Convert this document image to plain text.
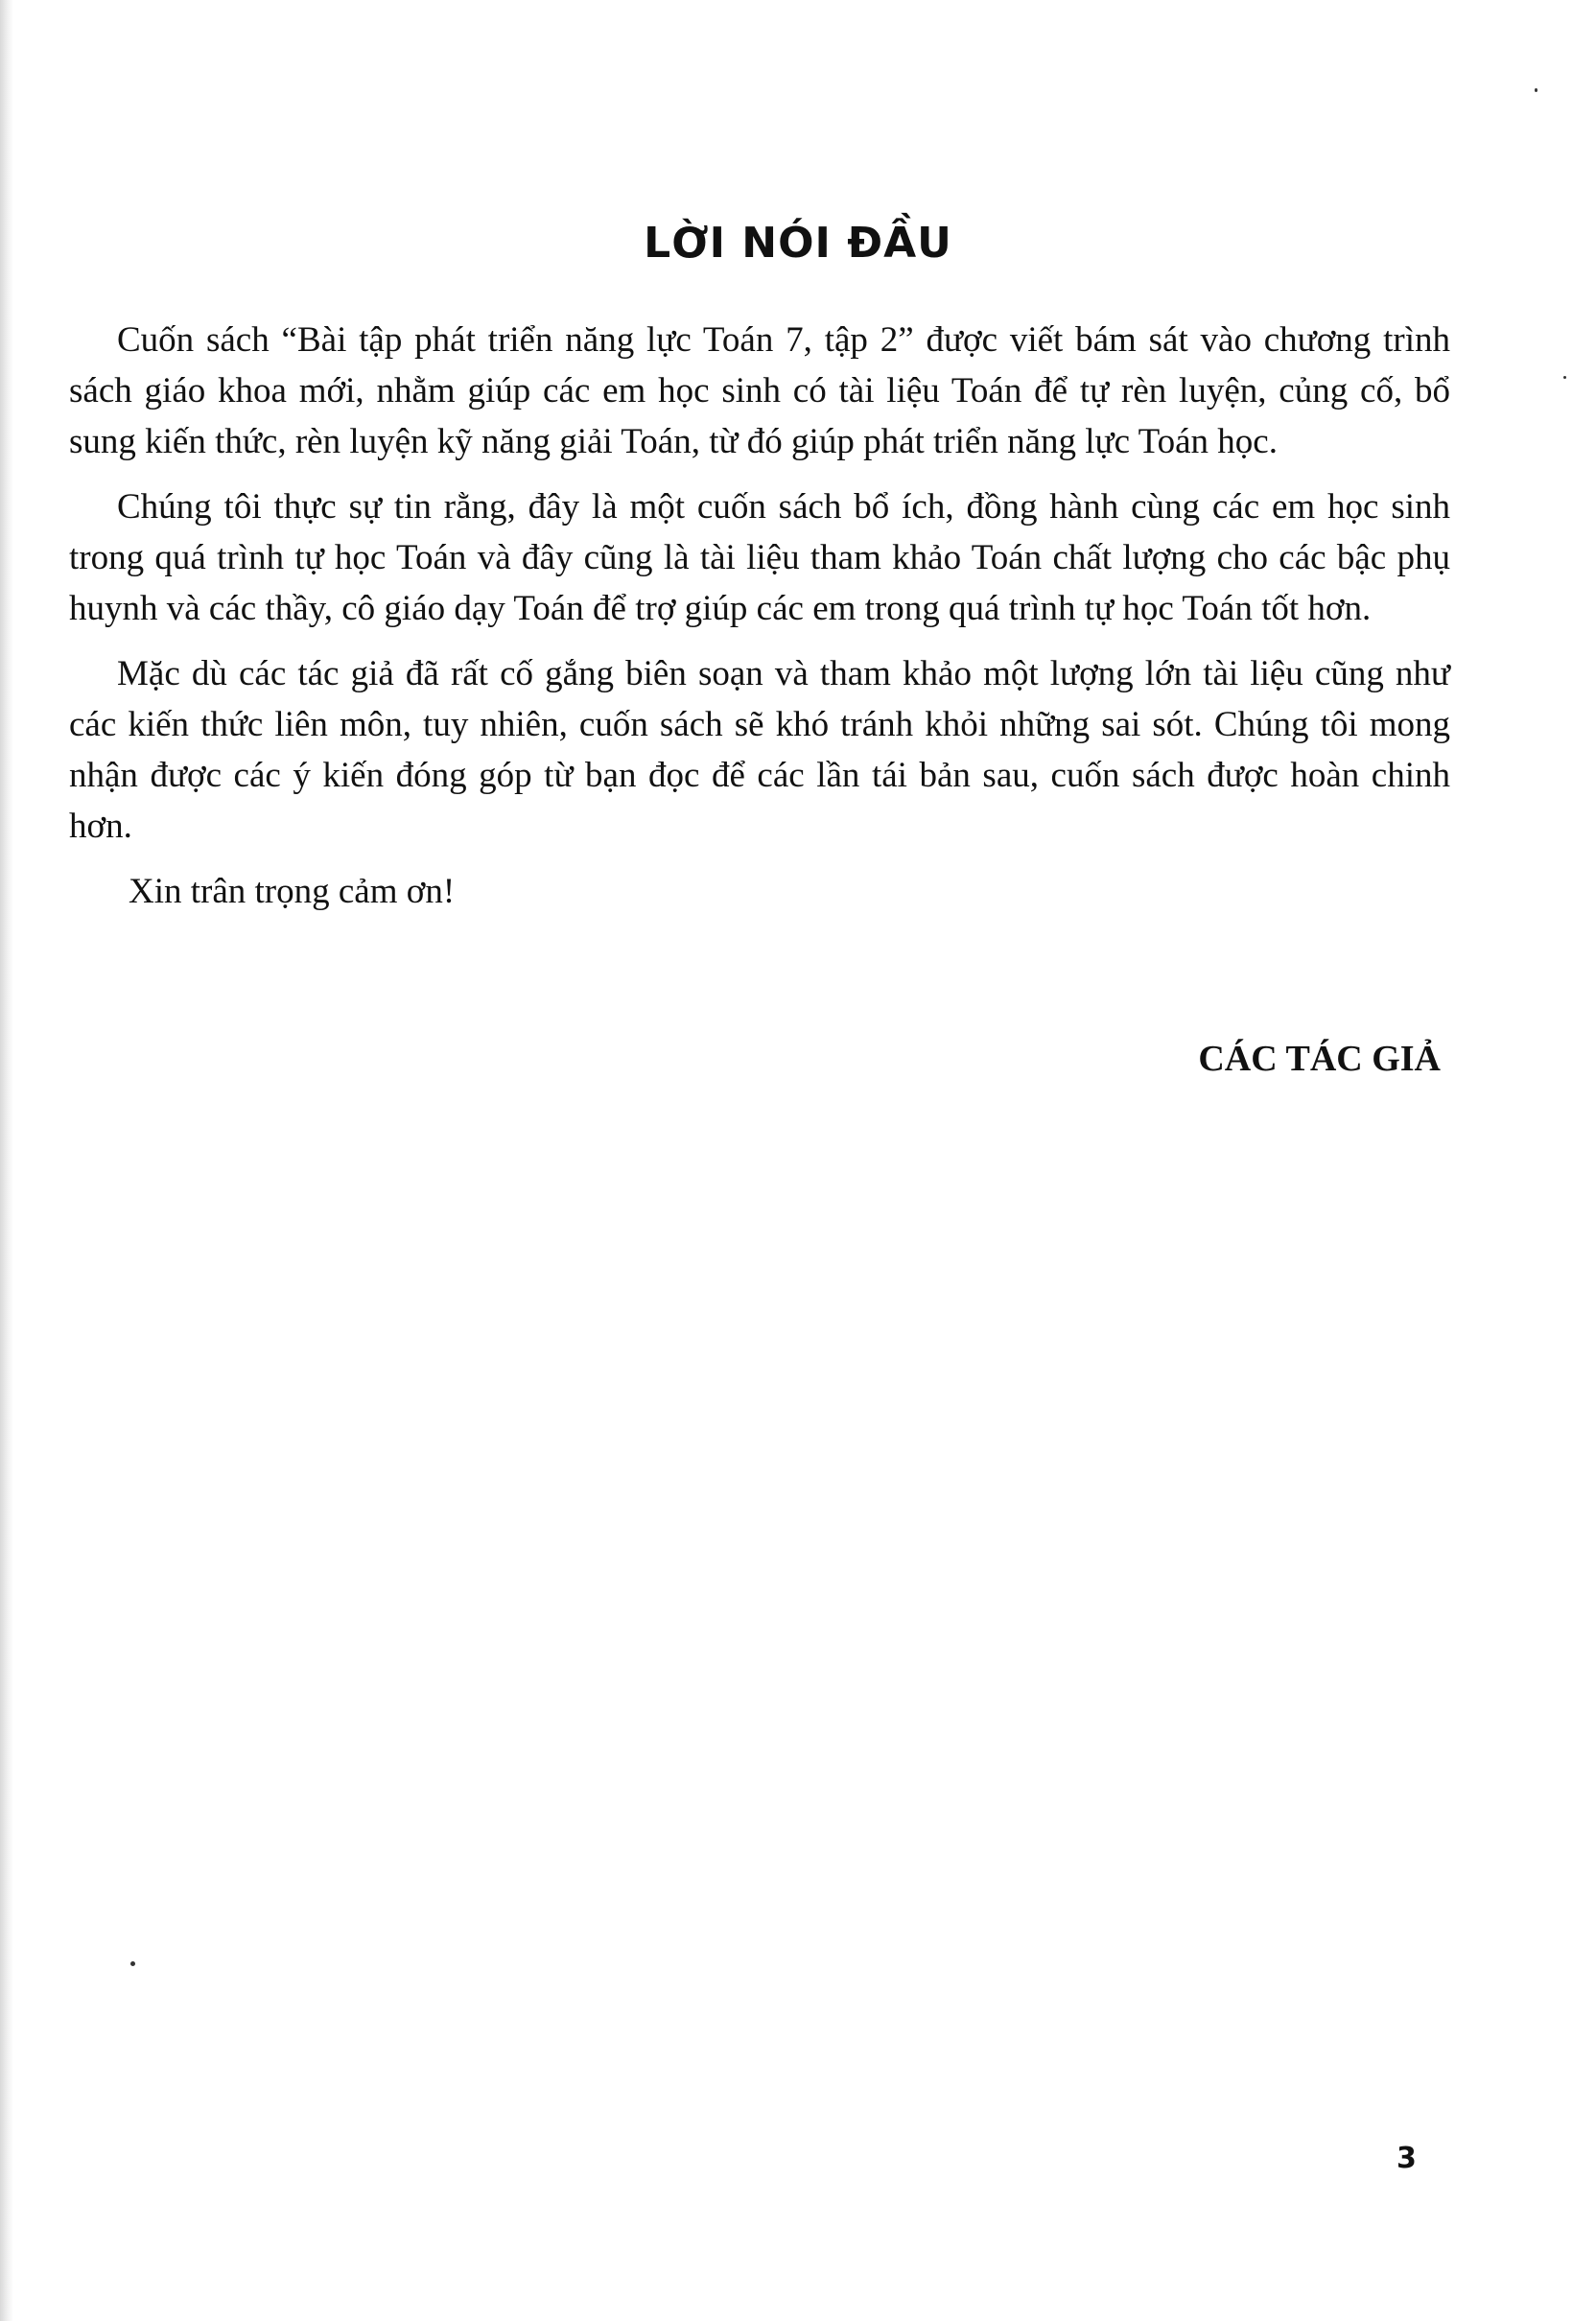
LỜI NÓI ĐẦU

Cuốn sách “Bài tập phát triển năng lực Toán 7, tập 2” được viết bám sát vào chương trình sách giáo khoa mới, nhằm giúp các em học sinh có tài liệu Toán để tự rèn luyện, củng cố, bổ sung kiến thức, rèn luyện kỹ năng giải Toán, từ đó giúp phát triển năng lực Toán học.

Chúng tôi thực sự tin rằng, đây là một cuốn sách bổ ích, đồng hành cùng các em học sinh trong quá trình tự học Toán và đây cũng là tài liệu tham khảo Toán chất lượng cho các bậc phụ huynh và các thầy, cô giáo dạy Toán để trợ giúp các em trong quá trình tự học Toán tốt hơn.

Mặc dù các tác giả đã rất cố gắng biên soạn và tham khảo một lượng lớn tài liệu cũng như các kiến thức liên môn, tuy nhiên, cuốn sách sẽ khó tránh khỏi những sai sót. Chúng tôi mong nhận được các ý kiến đóng góp từ bạn đọc để các lần tái bản sau, cuốn sách được hoàn chinh hơn.

Xin trân trọng cảm ơn!

CÁC TÁC GIẢ

3
